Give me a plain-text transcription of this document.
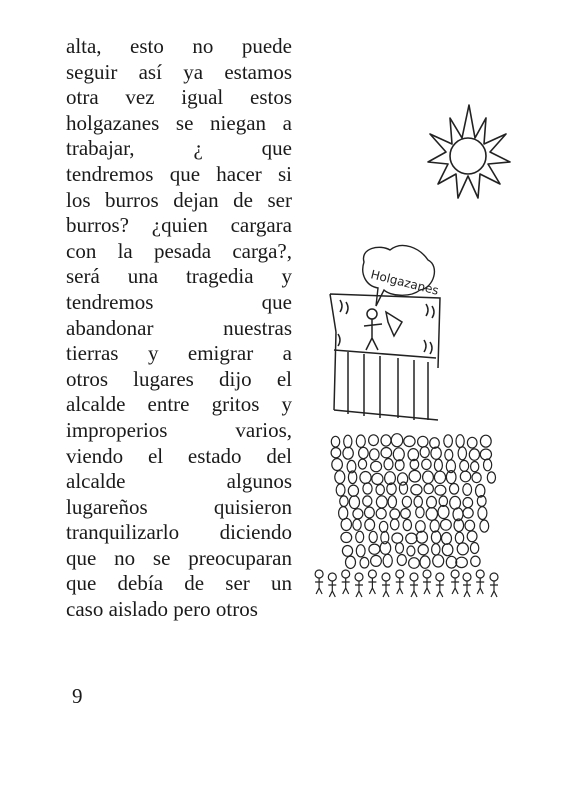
alta, esto no puede
seguir así ya estamos
otra vez igual estos
holgazanes se niegan a
trabajar, ¿ que
tendremos que hacer si
los burros dejan de ser
burros? ¿quien cargara
con la pesada carga?,
será una tragedia y
tendremos que
abandonar nuestras
tierras y emigrar a
otros lugares dijo el
alcalde entre gritos y
improperios varios,
viendo el estado del
alcalde algunos
lugareños quisieron
tranquilizarlo diciendo
que no se preocuparan
que debía de ser un
caso aislado pero otros
Holgazanes
9
